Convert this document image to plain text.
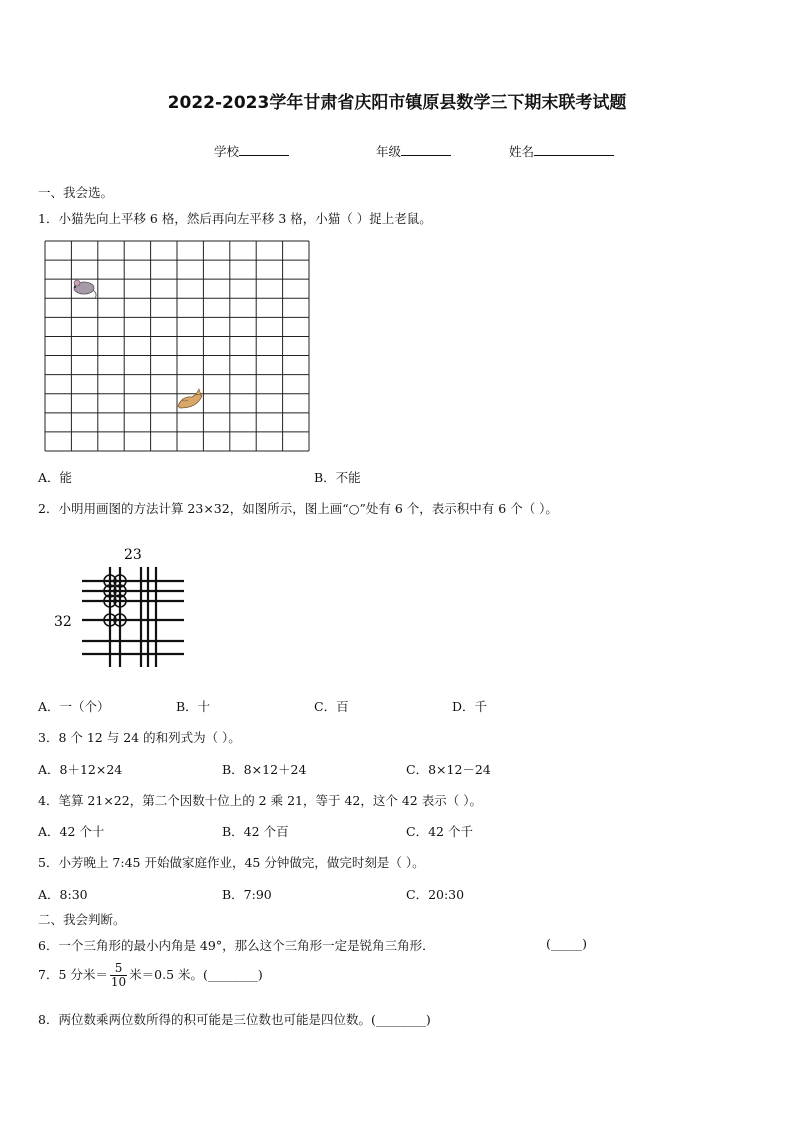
2022-2023学年甘肃省庆阳市镇原县数学三下期末联考试题
学校	年级	姓名
一、我会选。
1．小猫先向上平移 6 格，然后再向左平移 3 格，小猫（ ）捉上老鼠。
A．能	B．不能
2．小明用画图的方法计算 23×32，如图所示，图上画“○”处有 6 个，表示积中有 6 个（ ）。
23
32
A．一（个）	B．十	C．百	D．千
3．8 个 12 与 24 的和列式为（ ）。
A．8＋12×24	B．8×12＋24	C．8×12－24
4．笔算 21×22，第二个因数十位上的 2 乘 21，等于 42，这个 42 表示（ ）。
A．42 个十	B．42 个百	C．42 个千
5．小芳晚上 7:45 开始做家庭作业，45 分钟做完，做完时刻是（ ）。
A．8:30	B．7:90	C．20:30
二、我会判断。
6．一个三角形的最小内角是 49°，那么这个三角形一定是锐角三角形．	(_____)
7．5 分米＝ $\frac{5}{10}$ 米＝0.5 米。(________)
8．两位数乘两位数所得的积可能是三位数也可能是四位数。(________)
